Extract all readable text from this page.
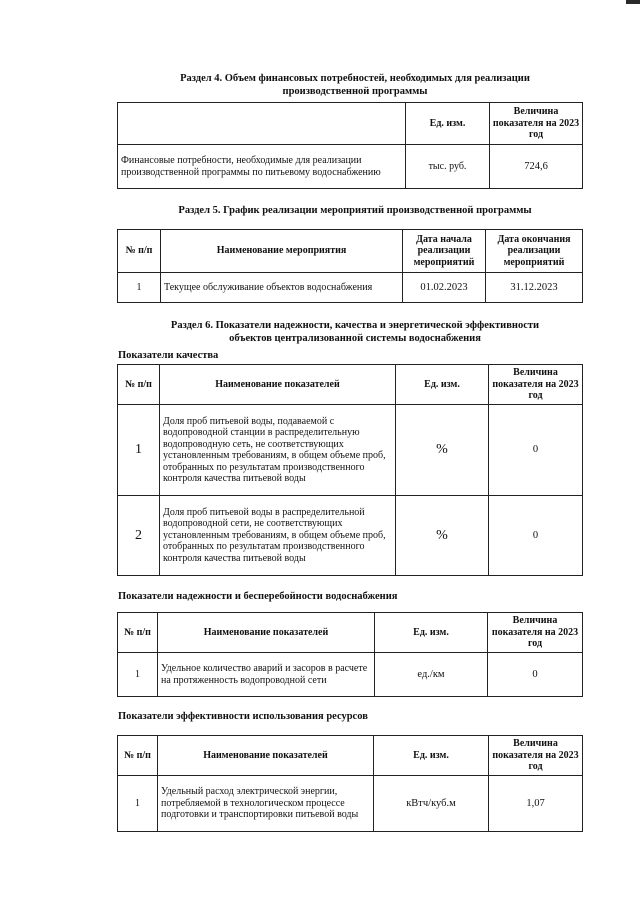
Раздел 4. Объем финансовых потребностей, необходимых для реализации
производственной программы
	Ед. изм.	Величина показателя на 2023 год
Финансовые потребности, необходимые для реализации производственной программы по питьевому водоснабжению	тыс. руб.	724,6
Раздел 5. График реализации мероприятий производственной программы
№ п/п	Наименование мероприятия	Дата начала реализации мероприятий	Дата окончания реализации мероприятий
1	Текущее обслуживание объектов водоснабжения	01.02.2023	31.12.2023
Раздел 6. Показатели надежности, качества и энергетической эффективности
объектов централизованной системы водоснабжения
Показатели качества
№ п/п	Наименование показателей	Ед. изм.	Величина показателя на 2023 год
1	Доля проб питьевой воды, подаваемой с водопроводной станции в распределительную водопроводную сеть, не соответствующих установленным требованиям, в общем объеме проб, отобранных по результатам производственного контроля качества питьевой воды	%	0
2	Доля проб питьевой воды в распределительной водопроводной сети, не соответствующих установленным требованиям, в общем объеме проб, отобранных по результатам производственного контроля качества питьевой воды	%	0
Показатели надежности и бесперебойности водоснабжения
№ п/п	Наименование показателей	Ед. изм.	Величина показателя на 2023 год
1	Удельное количество аварий и засоров в расчете на протяженность водопроводной сети	ед./км	0
Показатели эффективности использования ресурсов
№ п/п	Наименование показателей	Ед. изм.	Величина показателя на 2023 год
1	Удельный расход электрической энергии, потребляемой в технологическом процессе подготовки и транспортировки питьевой воды	кВтч/куб.м	1,07
